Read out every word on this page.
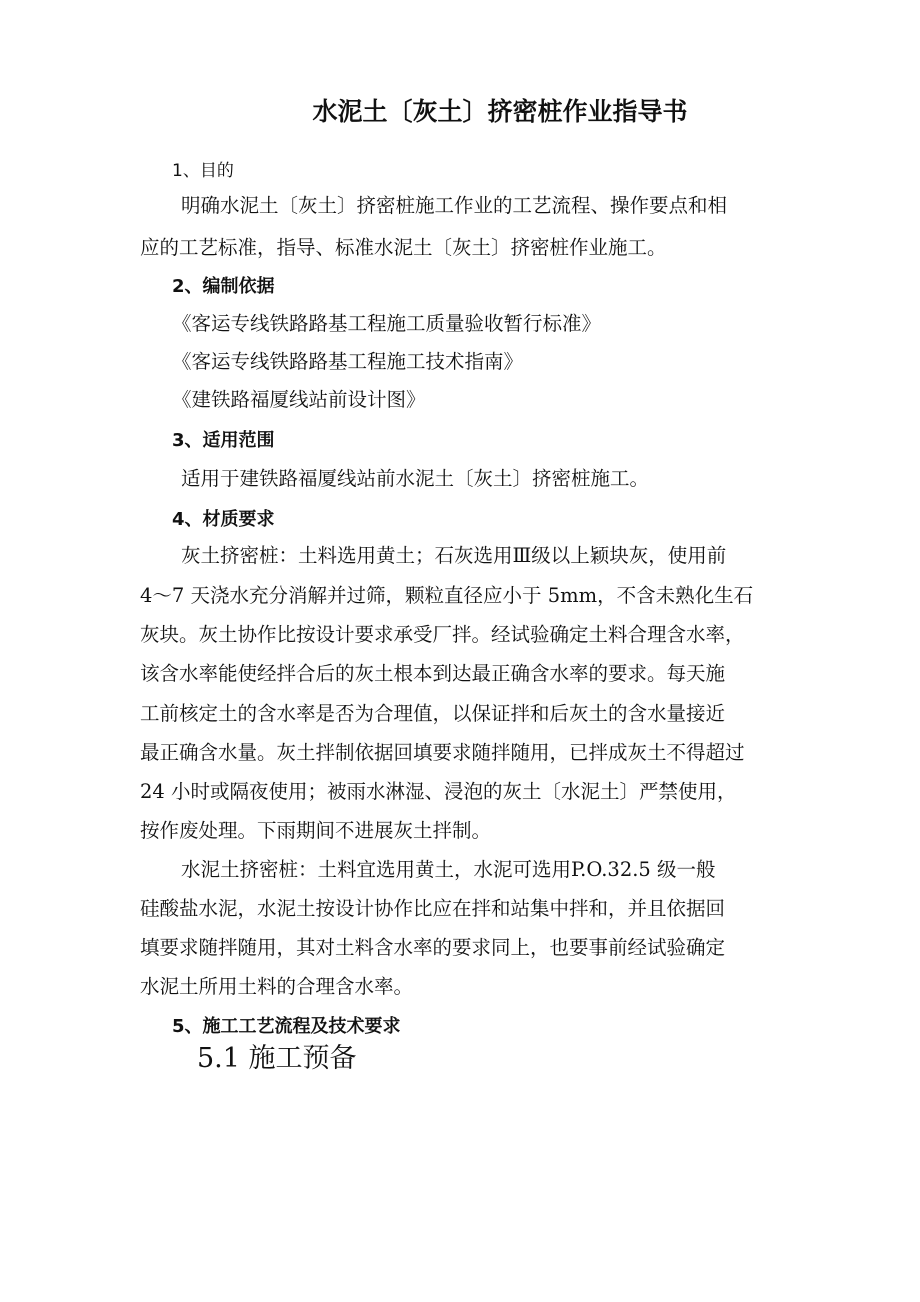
水泥土〔灰土〕挤密桩作业指导书
1、目的
明确水泥土〔灰土〕挤密桩施工作业的工艺流程、操作要点和相
应的工艺标准，指导、标准水泥土〔灰土〕挤密桩作业施工。
2、编制依据
《客运专线铁路路基工程施工质量验收暂行标准》
《客运专线铁路路基工程施工技术指南》
《建铁路福厦线站前设计图》
3、适用范围
适用于建铁路福厦线站前水泥土〔灰土〕挤密桩施工。
4、材质要求
灰土挤密桩：土料选用黄土；石灰选用Ⅲ级以上颖块灰，使用前
4～7 天浇水充分消解并过筛，颗粒直径应小于 5mm，不含未熟化生石
灰块。灰土协作比按设计要求承受厂拌。经试验确定土料合理含水率，
该含水率能使经拌合后的灰土根本到达最正确含水率的要求。每天施
工前核定土的含水率是否为合理值，以保证拌和后灰土的含水量接近
最正确含水量。灰土拌制依据回填要求随拌随用，已拌成灰土不得超过
24 小时或隔夜使用；被雨水淋湿、浸泡的灰土〔水泥土〕严禁使用，
按作废处理。下雨期间不进展灰土拌制。
水泥土挤密桩：土料宜选用黄土，水泥可选用P.O.32.5 级一般
硅酸盐水泥，水泥土按设计协作比应在拌和站集中拌和，并且依据回
填要求随拌随用，其对土料含水率的要求同上，也要事前经试验确定
水泥土所用土料的合理含水率。
5、施工工艺流程及技术要求
5.1 施工预备
